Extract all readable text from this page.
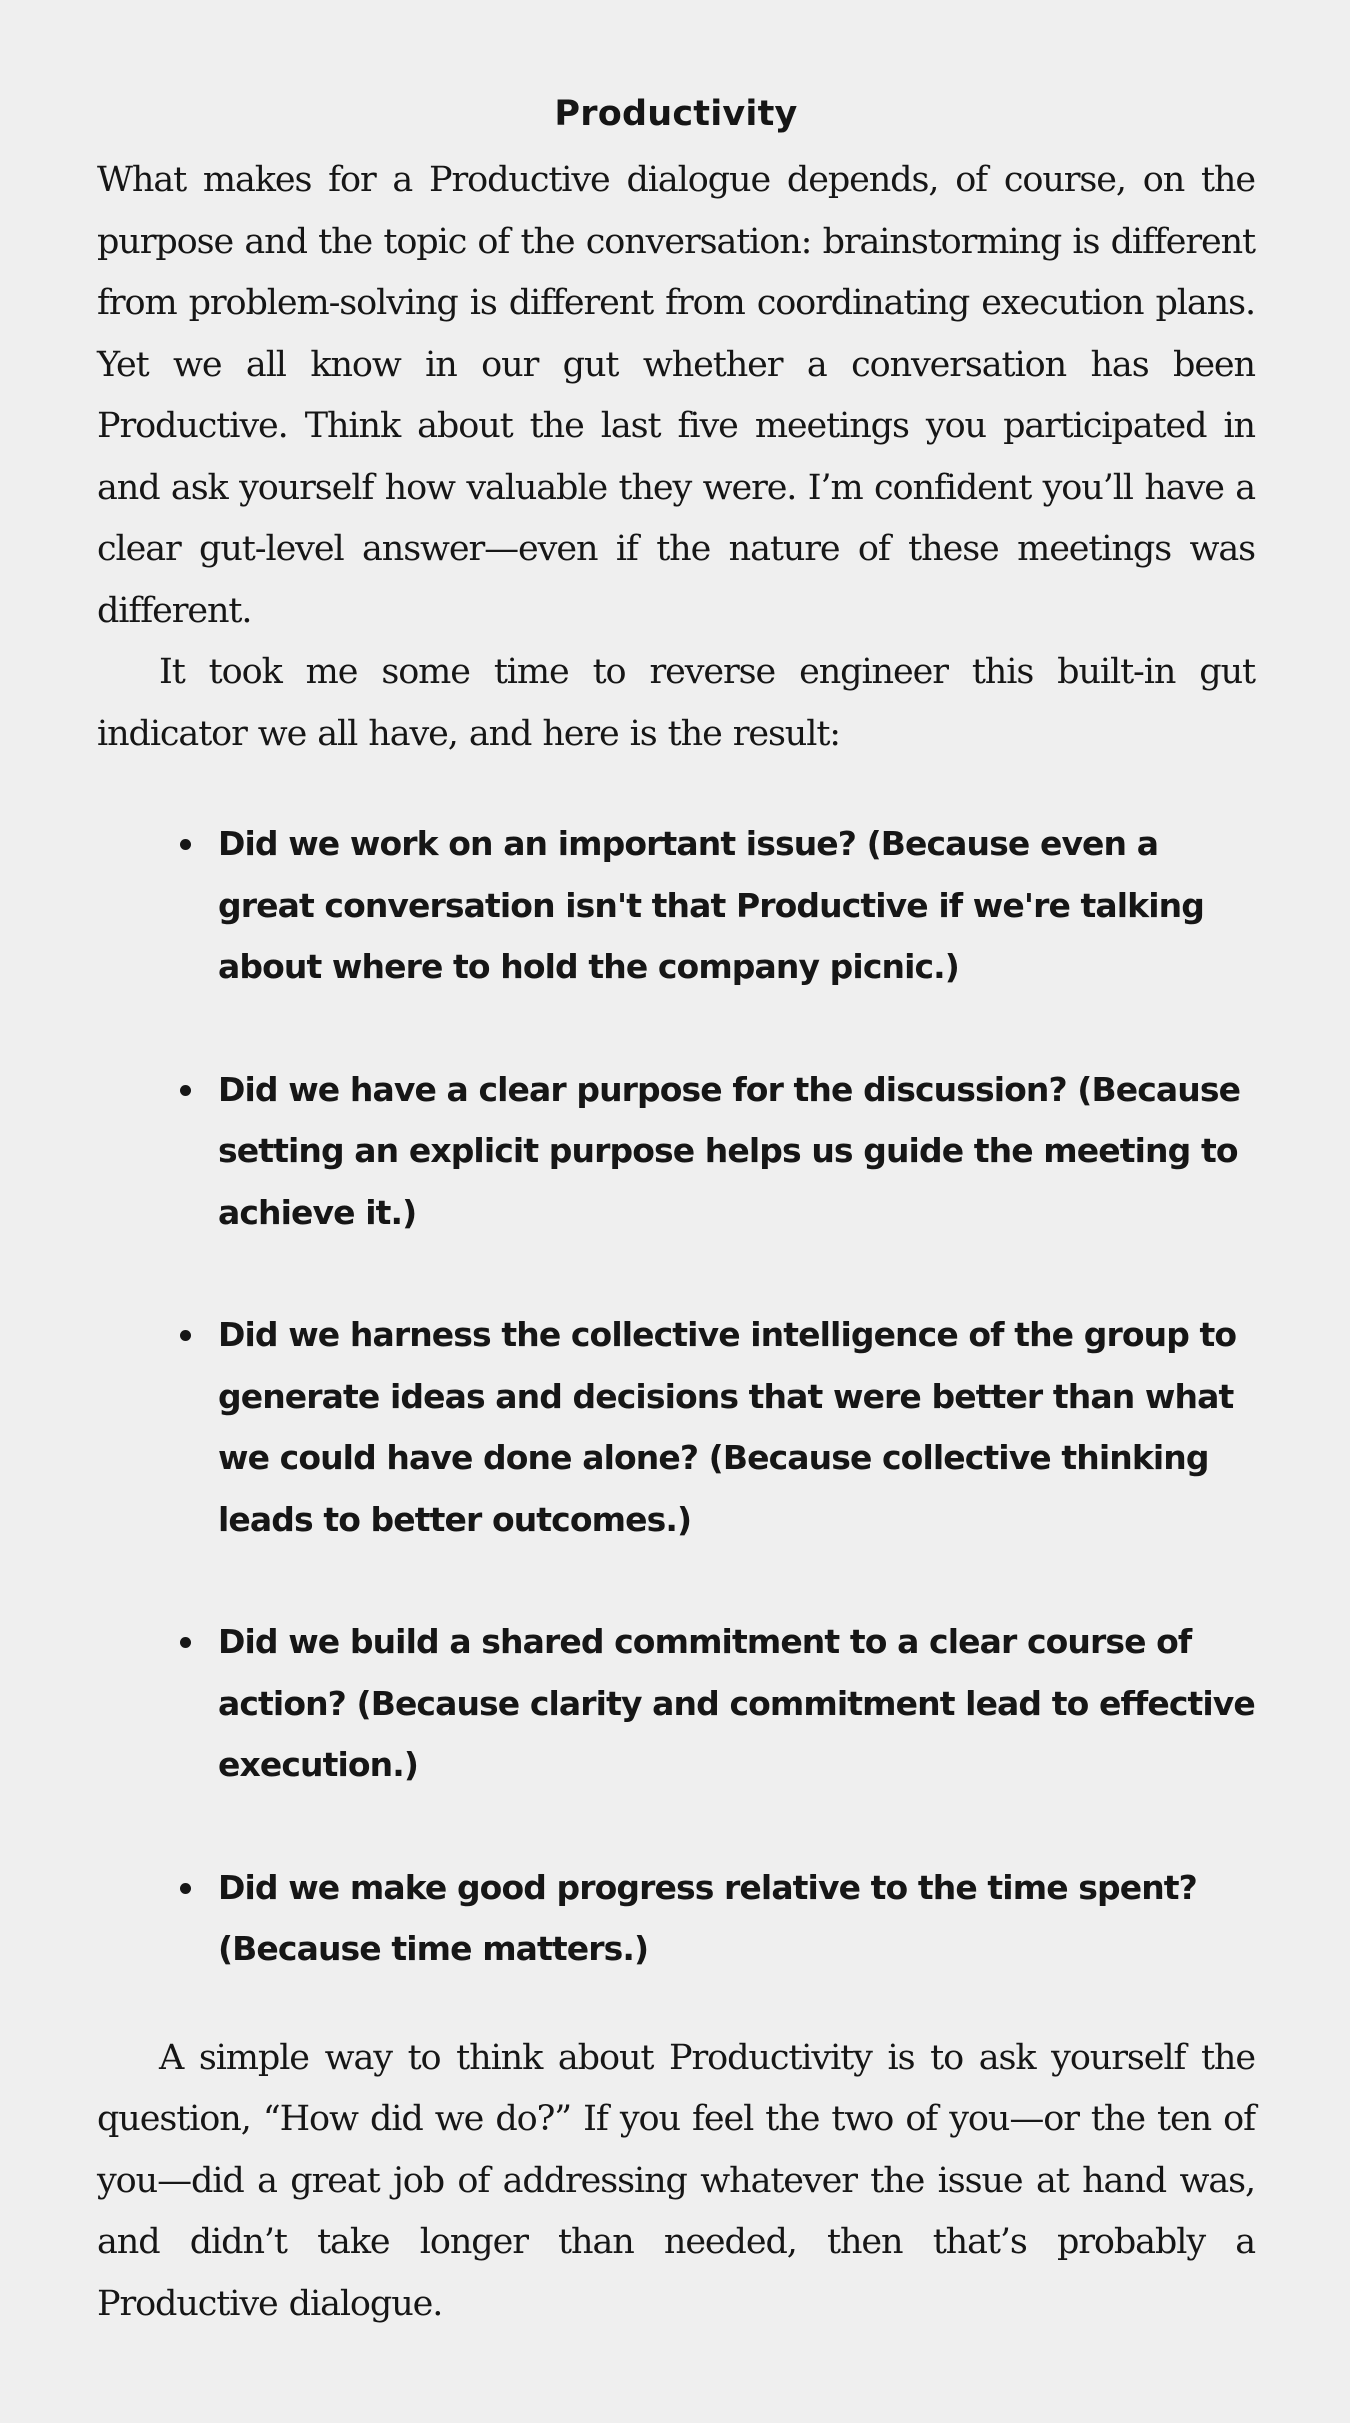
Productivity

What makes for a Productive dialogue depends, of course, on the purpose and the topic of the conversation: brainstorming is different from problem-solving is different from coordinating execution plans. Yet we all know in our gut whether a conversation has been Productive. Think about the last five meetings you participated in and ask yourself how valuable they were. I’m confident you’ll have a clear gut-level answer—even if the nature of these meetings was different.

It took me some time to reverse engineer this built-in gut indicator we all have, and here is the result:

Did we work on an important issue? (Because even a great conversation isn't that Productive if we're talking about where to hold the company picnic.)
Did we have a clear purpose for the discussion? (Because setting an explicit purpose helps us guide the meeting to achieve it.)
Did we harness the collective intelligence of the group to generate ideas and decisions that were better than what we could have done alone? (Because collective thinking leads to better outcomes.)
Did we build a shared commitment to a clear course of action? (Because clarity and commitment lead to effective execution.)
Did we make good progress relative to the time spent? (Because time matters.)

A simple way to think about Productivity is to ask yourself the question, “How did we do?” If you feel the two of you—or the ten of you—did a great job of addressing whatever the issue at hand was, and didn’t take longer than needed, then that’s probably a Productive dialogue.
